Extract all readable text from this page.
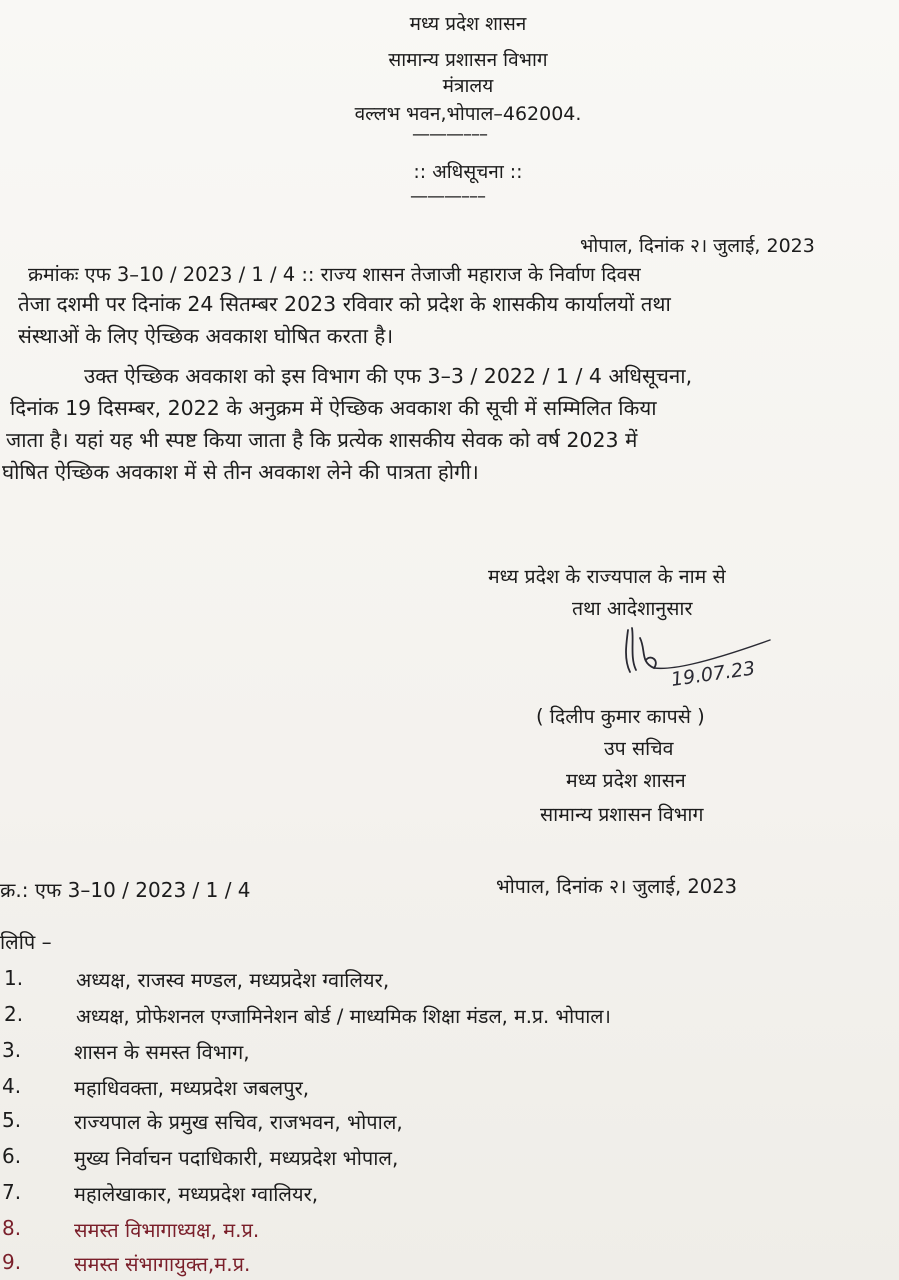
मध्य प्रदेश शासन
सामान्य प्रशासन विभाग
मंत्रालय
वल्लभ भवन,भोपाल–462004.
———–––
:: अधिसूचना ::
———–––
भोपाल, दिनांक २। जुलाई, 2023
क्रमांकः एफ 3–10 / 2023 / 1 / 4 :: राज्य शासन तेजाजी महाराज के निर्वाण दिवस
तेजा दशमी पर दिनांक 24 सितम्बर 2023 रविवार को प्रदेश के शासकीय कार्यालयों तथा
संस्थाओं के लिए ऐच्छिक अवकाश घोषित करता है।
उक्त ऐच्छिक अवकाश को इस विभाग की एफ 3–3 / 2022 / 1 / 4 अधिसूचना,
दिनांक 19 दिसम्बर, 2022 के अनुक्रम में ऐच्छिक अवकाश की सूची में सम्मिलित किया
जाता है। यहां यह भी स्पष्ट किया जाता है कि प्रत्येक शासकीय सेवक को वर्ष 2023 में
घोषित ऐच्छिक अवकाश में से तीन अवकाश लेने की पात्रता होगी।
मध्य प्रदेश के राज्यपाल के नाम से
तथा आदेशानुसार
19.07.23
( दिलीप कुमार कापसे )
उप सचिव
मध्य प्रदेश शासन
सामान्य प्रशासन विभाग
क्र.: एफ 3–10 / 2023 / 1 / 4	भोपाल, दिनांक २। जुलाई, 2023
लिपि –
1.	अध्यक्ष, राजस्व मण्डल, मध्यप्रदेश ग्वालियर,
2.	अध्यक्ष, प्रोफेशनल एग्जामिनेशन बोर्ड / माध्यमिक शिक्षा मंडल, म.प्र. भोपाल।
3.	शासन के समस्त विभाग,
4.	महाधिवक्ता, मध्यप्रदेश जबलपुर,
5.	राज्यपाल के प्रमुख सचिव, राजभवन, भोपाल,
6.	मुख्य निर्वाचन पदाधिकारी, मध्यप्रदेश भोपाल,
7.	महालेखाकार, मध्यप्रदेश ग्वालियर,
8.	समस्त विभागाध्यक्ष, म.प्र.
9.	समस्त संभागायुक्त,म.प्र.
